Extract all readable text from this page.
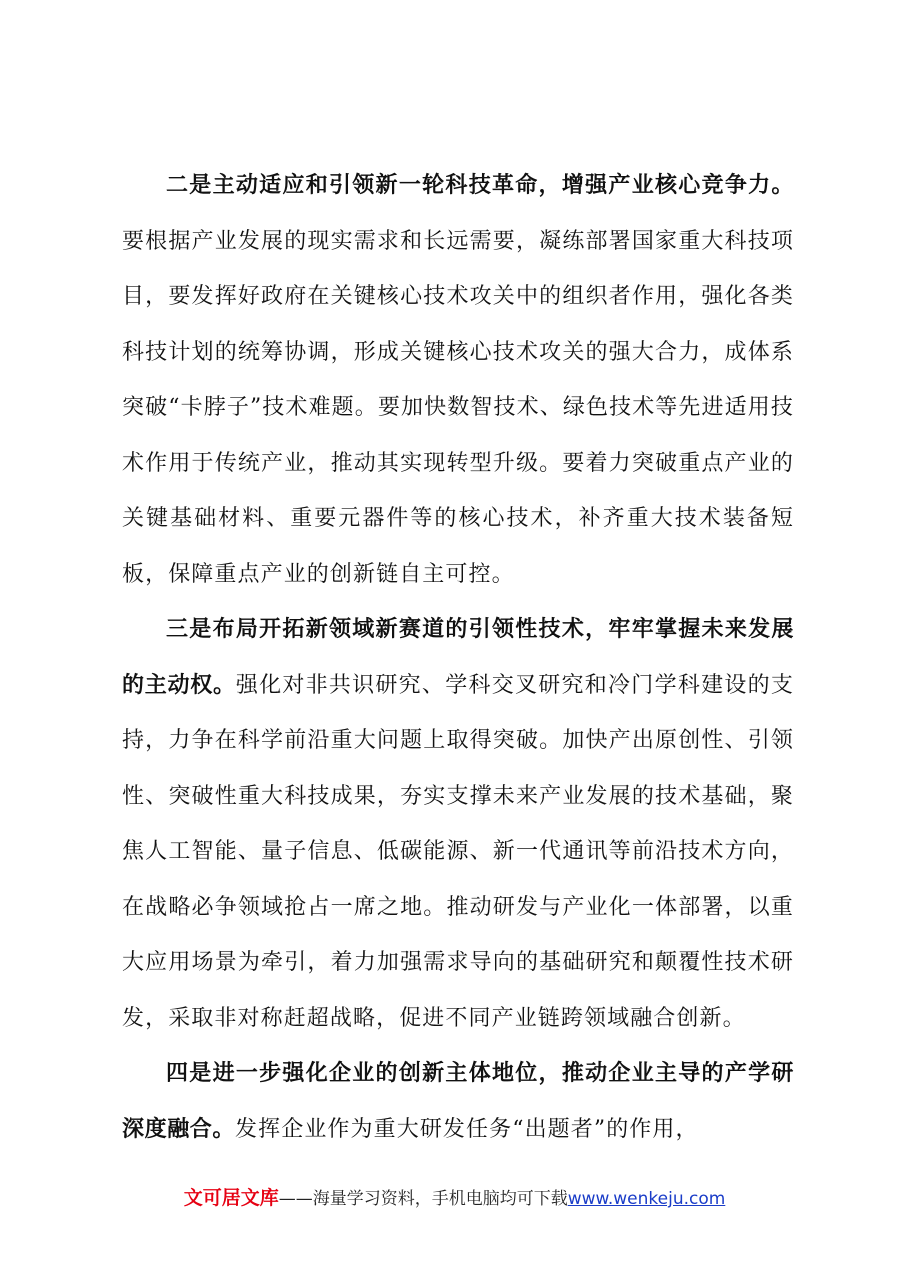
二是主动适应和引领新一轮科技革命，增强产业核心竞争力。要根据产业发展的现实需求和长远需要，凝练部署国家重大科技项目，要发挥好政府在关键核心技术攻关中的组织者作用，强化各类科技计划的统筹协调，形成关键核心技术攻关的强大合力，成体系突破“卡脖子”技术难题。要加快数智技术、绿色技术等先进适用技术作用于传统产业，推动其实现转型升级。要着力突破重点产业的关键基础材料、重要元器件等的核心技术，补齐重大技术装备短板，保障重点产业的创新链自主可控。

三是布局开拓新领域新赛道的引领性技术，牢牢掌握未来发展的主动权。强化对非共识研究、学科交叉研究和冷门学科建设的支持，力争在科学前沿重大问题上取得突破。加快产出原创性、引领性、突破性重大科技成果，夯实支撑未来产业发展的技术基础，聚焦人工智能、量子信息、低碳能源、新一代通讯等前沿技术方向，在战略必争领域抢占一席之地。推动研发与产业化一体部署，以重大应用场景为牵引，着力加强需求导向的基础研究和颠覆性技术研发，采取非对称赶超战略，促进不同产业链跨领域融合创新。

四是进一步强化企业的创新主体地位，推动企业主导的产学研深度融合。发挥企业作为重大研发任务“出题者”的作用，

文可居文库——海量学习资料，手机电脑均可下载www.wenkeju.com
